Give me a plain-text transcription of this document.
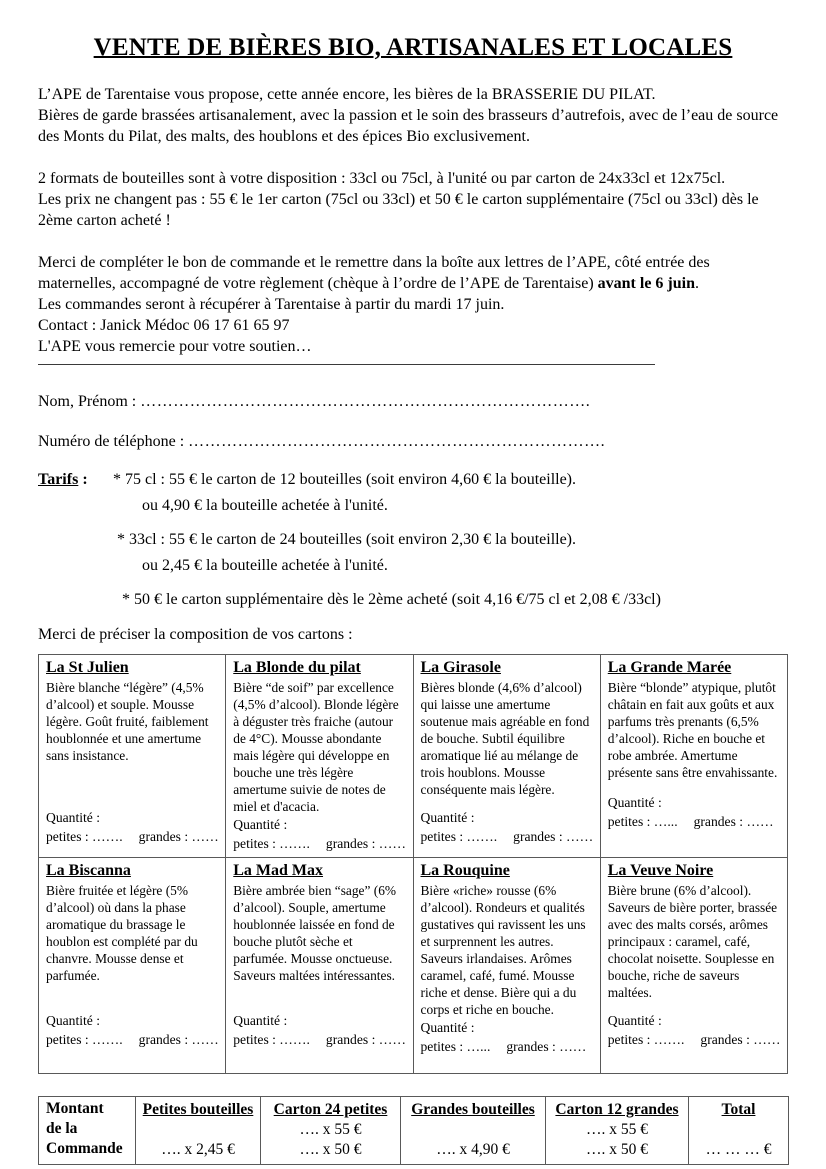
VENTE DE BIÈRES BIO, ARTISANALES ET LOCALES

L’APE de Tarentaise vous propose, cette année encore, les bières de la BRASSERIE DU PILAT.
Bières de garde brassées artisanalement, avec la passion et le soin des brasseurs d’autrefois, avec de l’eau de source des Monts du Pilat, des malts, des houblons et des épices Bio exclusivement.

2 formats de bouteilles sont à votre disposition : 33cl ou 75cl, à l'unité ou par carton de 24x33cl et 12x75cl.
Les prix ne changent pas : 55 € le 1er carton (75cl ou 33cl) et 50 € le carton supplémentaire (75cl ou 33cl) dès le 2ème carton acheté !

Merci de compléter le bon de commande et le remettre dans la boîte aux lettres de l’APE, côté entrée des maternelles, accompagné de votre règlement (chèque à l’ordre de l’APE de Tarentaise) avant le 6 juin.
Les commandes seront à récupérer à Tarentaise à partir du mardi 17 juin.
Contact : Janick Médoc 06 17 61 65 97
L'APE vous remercie pour votre soutien…

Nom, Prénom : ……………………………………………………………………….
Numéro de téléphone : ………………………………………………………………….
Tarifs : * 75 cl : 55 € le carton de 12 bouteilles (soit environ 4,60 € la bouteille).
ou 4,90 € la bouteille achetée à l'unité.
* 33cl : 55 € le carton de 24 bouteilles (soit environ 2,30 € la bouteille).
ou 2,45 € la bouteille achetée à l'unité.
* 50 € le carton supplémentaire dès le 2ème acheté (soit 4,16 €/75 cl et 2,08 € /33cl)

Merci de préciser la composition de vos cartons :

La St Julien
Bière blanche “légère” (4,5% d’alcool) et souple. Mousse légère. Goût fruité, faiblement houblonnée et une amertume sans insistance.
Quantité :
petites : ……. grandes : ……

La Blonde du pilat
Bière “de soif” par excellence (4,5% d’alcool). Blonde légère à déguster très fraiche (autour de 4°C). Mousse abondante mais légère qui développe en bouche une très légère amertume suivie de notes de miel et d'acacia.
Quantité :
petites : ……. grandes : ……

La Girasole
Bières blonde (4,6% d’alcool) qui laisse une amertume soutenue mais agréable en fond de bouche. Subtil équilibre aromatique lié au mélange de trois houblons. Mousse conséquente mais légère.
Quantité :
petites : ……. grandes : ……

La Grande Marée
Bière “blonde” atypique, plutôt châtain en fait aux goûts et aux parfums très prenants (6,5% d’alcool). Riche en bouche et robe ambrée. Amertume présente sans être envahissante.
Quantité :
petites : …... grandes : ……

La Biscanna
Bière fruitée et légère (5% d’alcool) où dans la phase aromatique du brassage le houblon est complété par du chanvre. Mousse dense et parfumée.
Quantité :
petites : ……. grandes : ……

La Mad Max
Bière ambrée bien “sage” (6% d’alcool). Souple, amertume houblonnée laissée en fond de bouche plutôt sèche et parfumée. Mousse onctueuse. Saveurs maltées intéressantes.
Quantité :
petites : ……. grandes : ……

La Rouquine
Bière «riche» rousse (6% d’alcool). Rondeurs et qualités gustatives qui ravissent les uns et surprennent les autres. Saveurs irlandaises. Arômes caramel, café, fumé. Mousse riche et dense. Bière qui a du corps et riche en bouche.
Quantité :
petites : …... grandes : ……

La Veuve Noire
Bière brune (6% d’alcool). Saveurs de bière porter, brassée avec des malts corsés, arômes principaux : caramel, café, chocolat noisette. Souplesse en bouche, riche de saveurs maltées.
Quantité :
petites : ……. grandes : ……
Montant
de la
Commande

Petites bouteilles
…. x 2,45 €

Carton 24 petites
…. x 55 €
…. x 50 €

Grandes bouteilles
…. x 4,90 €

Carton 12 grandes
…. x 55 €
…. x 50 €

Total
… … … €
